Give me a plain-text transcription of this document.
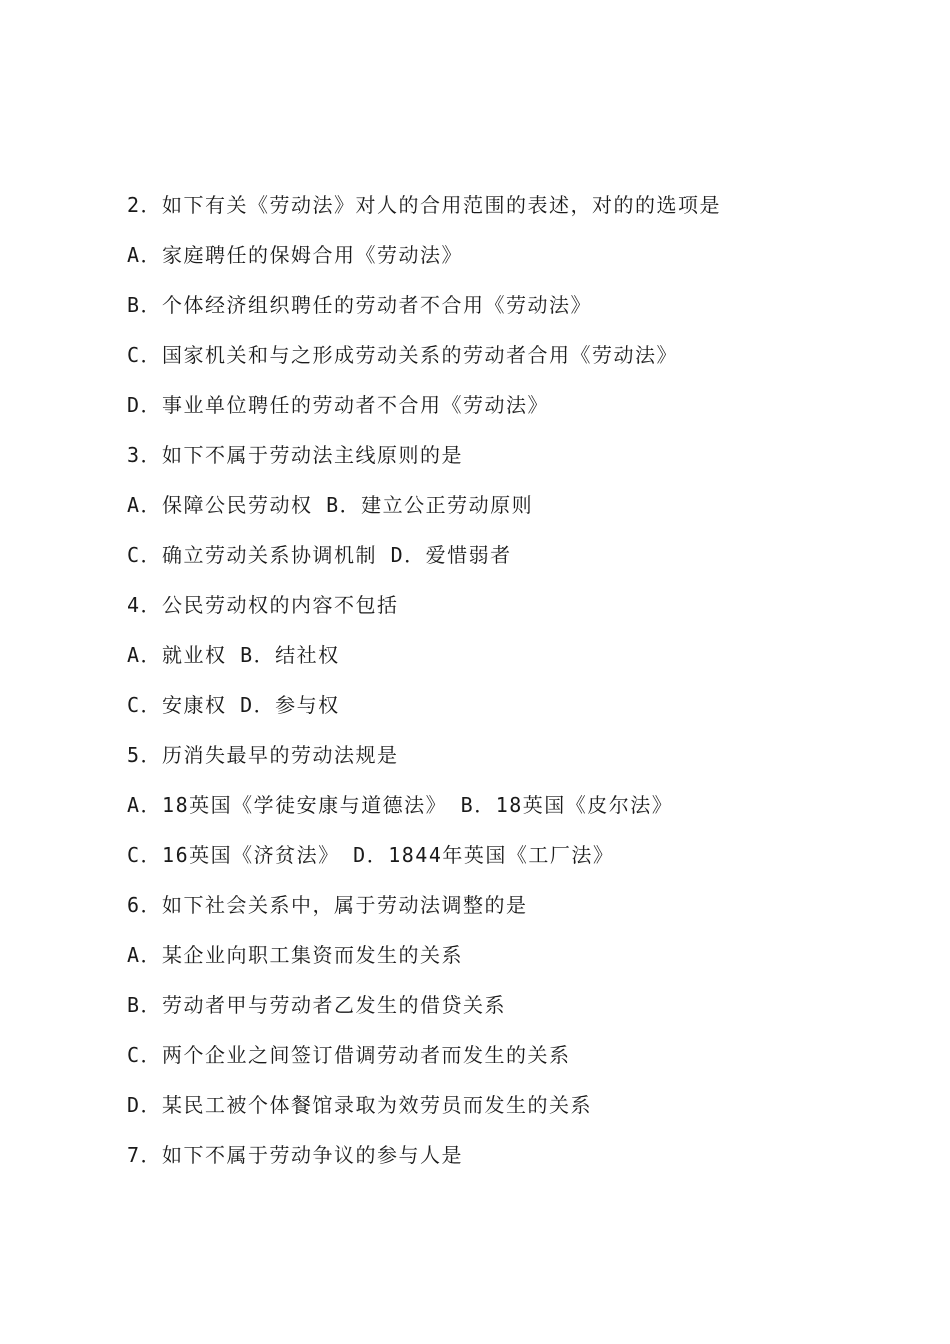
2．如下有关《劳动法》对人的合用范围的表述，对的的选项是
A．家庭聘任的保姆合用《劳动法》
B．个体经济组织聘任的劳动者不合用《劳动法》
C．国家机关和与之形成劳动关系的劳动者合用《劳动法》
D．事业单位聘任的劳动者不合用《劳动法》
3．如下不属于劳动法主线原则的是
A．保障公民劳动权 B．建立公正劳动原则
C．确立劳动关系协调机制 D．爱惜弱者
4．公民劳动权的内容不包括
A．就业权 B．结社权
C．安康权 D．参与权
5．历消失最早的劳动法规是
A．18英国《学徒安康与道德法》 B．18英国《皮尔法》
C．16英国《济贫法》 D．1844年英国《工厂法》
6．如下社会关系中，属于劳动法调整的是
A．某企业向职工集资而发生的关系
B．劳动者甲与劳动者乙发生的借贷关系
C．两个企业之间签订借调劳动者而发生的关系
D．某民工被个体餐馆录取为效劳员而发生的关系
7．如下不属于劳动争议的参与人是
